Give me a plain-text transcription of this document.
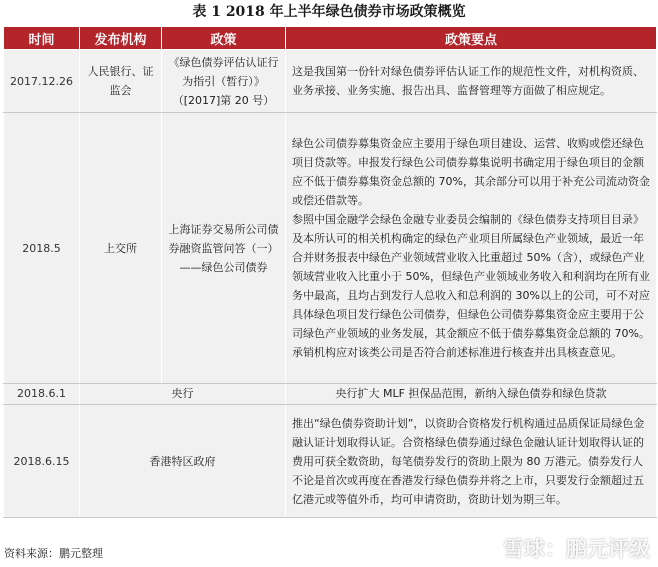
表 1 2018 年上半年绿色债券市场政策概览
时间	发布机构	政策	政策要点
2017.12.26	人民银行、证监会	《绿色债券评估认证行为指引（暂行）》（[2017]第 20 号）	这是我国第一份针对绿色债券评估认证工作的规范性文件，对机构资质、业务承接、业务实施、报告出具、监督管理等方面做了相应规定。

2018.5	上交所	上海证券交易所公司债券融资监管问答（一）——绿色公司债券	绿色公司债券募集资金应主要用于绿色项目建设、运营、收购或偿还绿色项目贷款等。申报发行绿色公司债券募集说明书确定用于绿色项目的金额应不低于债券募集资金总额的 70%，其余部分可以用于补充公司流动资金或偿还借款等。

参照中国金融学会绿色金融专业委员会编制的《绿色债券支持项目目录》及本所认可的相关机构确定的绿色产业项目所属绿色产业领域，最近一年合并财务报表中绿色产业领域营业收入比重超过 50%（含），或绿色产业领域营业收入比重小于 50%，但绿色产业领域业务收入和利润均在所有业务中最高，且均占到发行人总收入和总利润的 30%以上的公司，可不对应具体绿色项目发行绿色公司债券，但绿色公司债券募集资金应主要用于公司绿色产业领域的业务发展，其金额应不低于债券募集资金总额的 70%。承销机构应对该类公司是否符合前述标准进行核查并出具核查意见。

2018.6.1	央行		央行扩大 MLF 担保品范围，新纳入绿色债券和绿色贷款
2018.6.15	香港特区政府		推出“绿色债券资助计划”，以资助合资格发行机构通过品质保证局绿色金融认证计划取得认证。合资格绿色债券通过绿色金融认证计划取得认证的费用可获全数资助，每笔债券发行的资助上限为 80 万港元。债券发行人不论是首次或再度在香港发行绿色债券并将之上市，只要发行金额超过五亿港元或等值外币，均可申请资助，资助计划为期三年。

资料来源：鹏元整理	雪球：鹏元评级
